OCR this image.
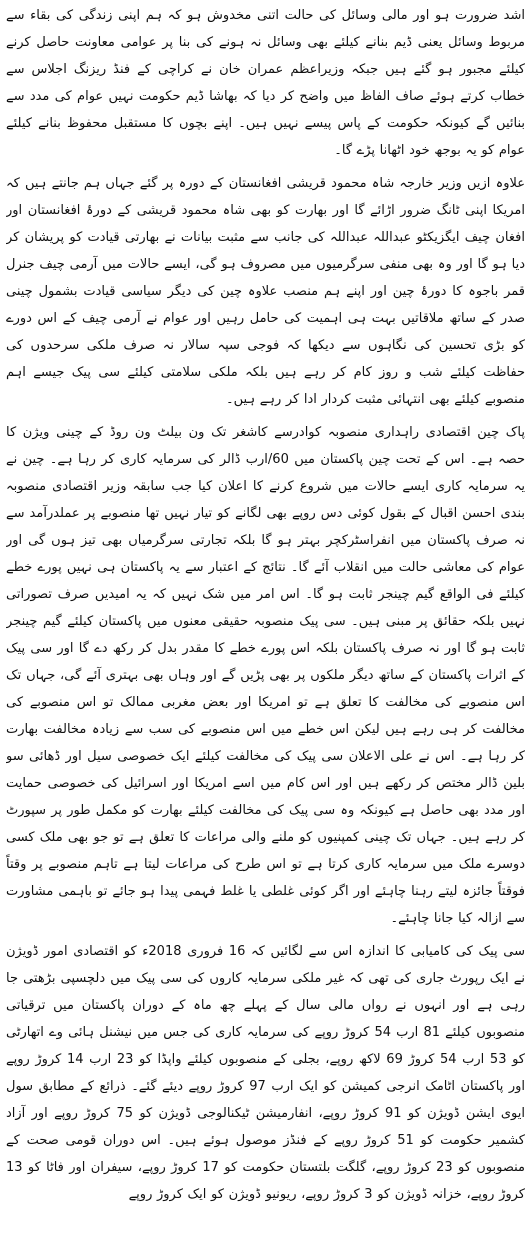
اشد ضرورت ہو اور مالی وسائل کی حالت اتنی مخدوش ہو کہ ہم اپنی زندگی کی بقاء سے مربوط وسائل یعنی ڈیم بنانے کیلئے بھی وسائل نہ ہونے کی بنا پر عوامی معاونت حاصل کرنے کیلئے مجبور ہو گئے ہیں جبکہ وزیراعظم عمران خان نے کراچی کے فنڈ ریزنگ اجلاس سے خطاب کرتے ہوئے صاف الفاظ میں واضح کر دیا کہ بھاشا ڈیم حکومت نہیں عوام کی مدد سے بنائیں گے کیونکہ حکومت کے پاس پیسے نہیں ہیں۔ اپنے بچوں کا مستقبل محفوظ بنانے کیلئے عوام کو یہ بوجھ خود اٹھانا پڑے گا۔

علاوہ ازیں وزیر خارجہ شاہ محمود قریشی افغانستان کے دورہ پر گئے جہاں ہم جانتے ہیں کہ امریکا اپنی ٹانگ ضرور اڑائے گا اور بھارت کو بھی شاہ محمود قریشی کے دورۂ افغانستان اور افغان چیف ایگزیکٹو عبداللہ عبداللہ کی جانب سے مثبت بیانات نے بھارتی قیادت کو پریشان کر دیا ہو گا اور وہ بھی منفی سرگرمیوں میں مصروف ہو گی، ایسے حالات میں آرمی چیف جنرل قمر باجوہ کا دورۂ چین اور اپنے ہم منصب علاوہ چین کی دیگر سیاسی قیادت بشمول چینی صدر کے ساتھ ملاقاتیں بہت ہی اہمیت کی حامل رہیں اور عوام نے آرمی چیف کے اس دورے کو بڑی تحسین کی نگاہوں سے دیکھا کہ فوجی سپہ سالار نہ صرف ملکی سرحدوں کی حفاظت کیلئے شب و روز کام کر رہے ہیں بلکہ ملکی سلامتی کیلئے سی پیک جیسے اہم منصوبے کیلئے بھی انتہائی مثبت کردار ادا کر رہے ہیں۔

پاک چین اقتصادی راہداری منصوبہ کوادرسے کاشغر تک ون بیلٹ ون روڈ کے چینی ویژن کا حصہ ہے۔ اس کے تحت چین پاکستان میں 60/ارب ڈالر کی سرمایہ کاری کر رہا ہے۔ چین نے یہ سرمایہ کاری ایسے حالات میں شروع کرنے کا اعلان کیا جب سابقہ وزیر اقتصادی منصوبہ بندی احسن اقبال کے بقول کوئی دس روپے بھی لگانے کو تیار نہیں تھا منصوبے پر عملدرآمد سے نہ صرف پاکستان میں انفراسٹرکچر بہتر ہو گا بلکہ تجارتی سرگرمیاں بھی تیز ہوں گی اور عوام کی معاشی حالت میں انقلاب آئے گا۔ نتائج کے اعتبار سے یہ پاکستان ہی نہیں پورے خطے کیلئے فی الواقع گیم چینجر ثابت ہو گا۔ اس امر میں شک نہیں کہ یہ امیدیں صرف تصوراتی نہیں بلکہ حقائق پر مبنی ہیں۔ سی پیک منصوبہ حقیقی معنوں میں پاکستان کیلئے گیم چینجر ثابت ہو گا اور نہ صرف پاکستان بلکہ اس پورے خطے کا مقدر بدل کر رکھ دے گا اور سی پیک کے اثرات پاکستان کے ساتھ دیگر ملکوں پر بھی پڑیں گے اور وہاں بھی بہتری آئے گی، جہاں تک اس منصوبے کی مخالفت کا تعلق ہے تو امریکا اور بعض مغربی ممالک تو اس منصوبے کی مخالفت کر ہی رہے ہیں لیکن اس خطے میں اس منصوبے کی سب سے زیادہ مخالفت بھارت کر رہا ہے۔ اس نے علی الاعلان سی پیک کی مخالفت کیلئے ایک خصوصی سیل اور ڈھائی سو بلین ڈالر مختص کر رکھے ہیں اور اس کام میں اسے امریکا اور اسرائیل کی خصوصی حمایت اور مدد بھی حاصل ہے کیونکہ وہ سی پیک کی مخالفت کیلئے بھارت کو مکمل طور پر سپورٹ کر رہے ہیں۔ جہاں تک چینی کمپنیوں کو ملنے والی مراعات کا تعلق ہے تو جو بھی ملک کسی دوسرے ملک میں سرمایہ کاری کرتا ہے تو اس طرح کی مراعات لیتا ہے تاہم منصوبے پر وقتاً فوقتاً جائزہ لیتے رہنا چاہئے اور اگر کوئی غلطی یا غلط فہمی پیدا ہو جائے تو باہمی مشاورت سے ازالہ کیا جانا چاہئے۔

سی پیک کی کامیابی کا اندازہ اس سے لگائیں کہ 16 فروری 2018ء کو اقتصادی امور ڈویژن نے ایک رپورٹ جاری کی تھی کہ غیر ملکی سرمایہ کاروں کی سی پیک میں دلچسپی بڑھتی جا رہی ہے اور انہوں نے رواں مالی سال کے پہلے چھ ماہ کے دوران پاکستان میں ترقیاتی منصوبوں کیلئے 81 ارب 54 کروڑ روپے کی سرمایہ کاری کی جس میں نیشنل ہائی وے اتھارٹی کو 53 ارب 54 کروڑ 69 لاکھ روپے، بجلی کے منصوبوں کیلئے واپڈا کو 23 ارب 14 کروڑ روپے اور پاکستان اٹامک انرجی کمیشن کو ایک ارب 97 کروڑ روپے دیئے گئے۔ ذرائع کے مطابق سول ایوی ایشن ڈویژن کو 91 کروڑ روپے، انفارمیشن ٹیکنالوجی ڈویژن کو 75 کروڑ روپے اور آزاد کشمیر حکومت کو 51 کروڑ روپے کے فنڈز موصول ہوئے ہیں۔ اس دوران قومی صحت کے منصوبوں کو 23 کروڑ روپے، گلگت بلتستان حکومت کو 17 کروڑ روپے، سیفران اور فاٹا کو 13 کروڑ روپے، خزانہ ڈویژن کو 3 کروڑ روپے، ریونیو ڈویژن کو ایک کروڑ روپے
